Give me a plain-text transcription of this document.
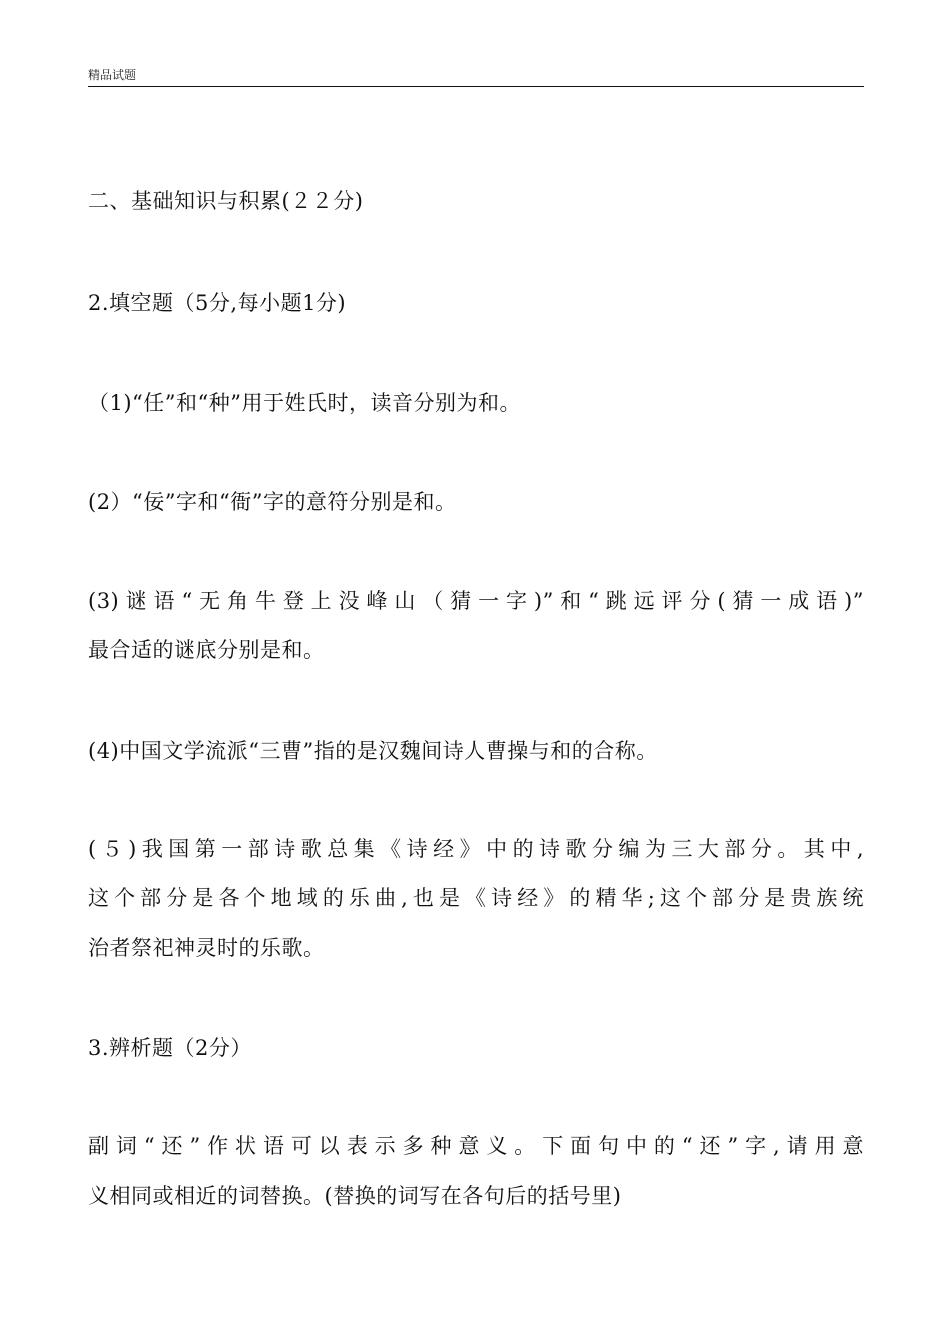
精品试题
二、基础知识与积累(２２分)
2.填空题（5分,每小题1分)
（1)“任”和“种”用于姓氏时，读音分别为和。
(2）“佞”字和“衙”字的意符分别是和。
(3)谜语“无角牛登上没峰山（猜一字)”和“跳远评分(猜一成语)”
最合适的谜底分别是和。
(4)中国文学流派“三曹”指的是汉魏间诗人曹操与和的合称。
(５)我国第一部诗歌总集《诗经》中的诗歌分编为三大部分。其中,
这个部分是各个地域的乐曲,也是《诗经》的精华;这个部分是贵族统
治者祭祀神灵时的乐歌。
3.辨析题（2分）
副词“还”作状语可以表示多种意义。下面句中的“还”字,请用意
义相同或相近的词替换。(替换的词写在各句后的括号里)
